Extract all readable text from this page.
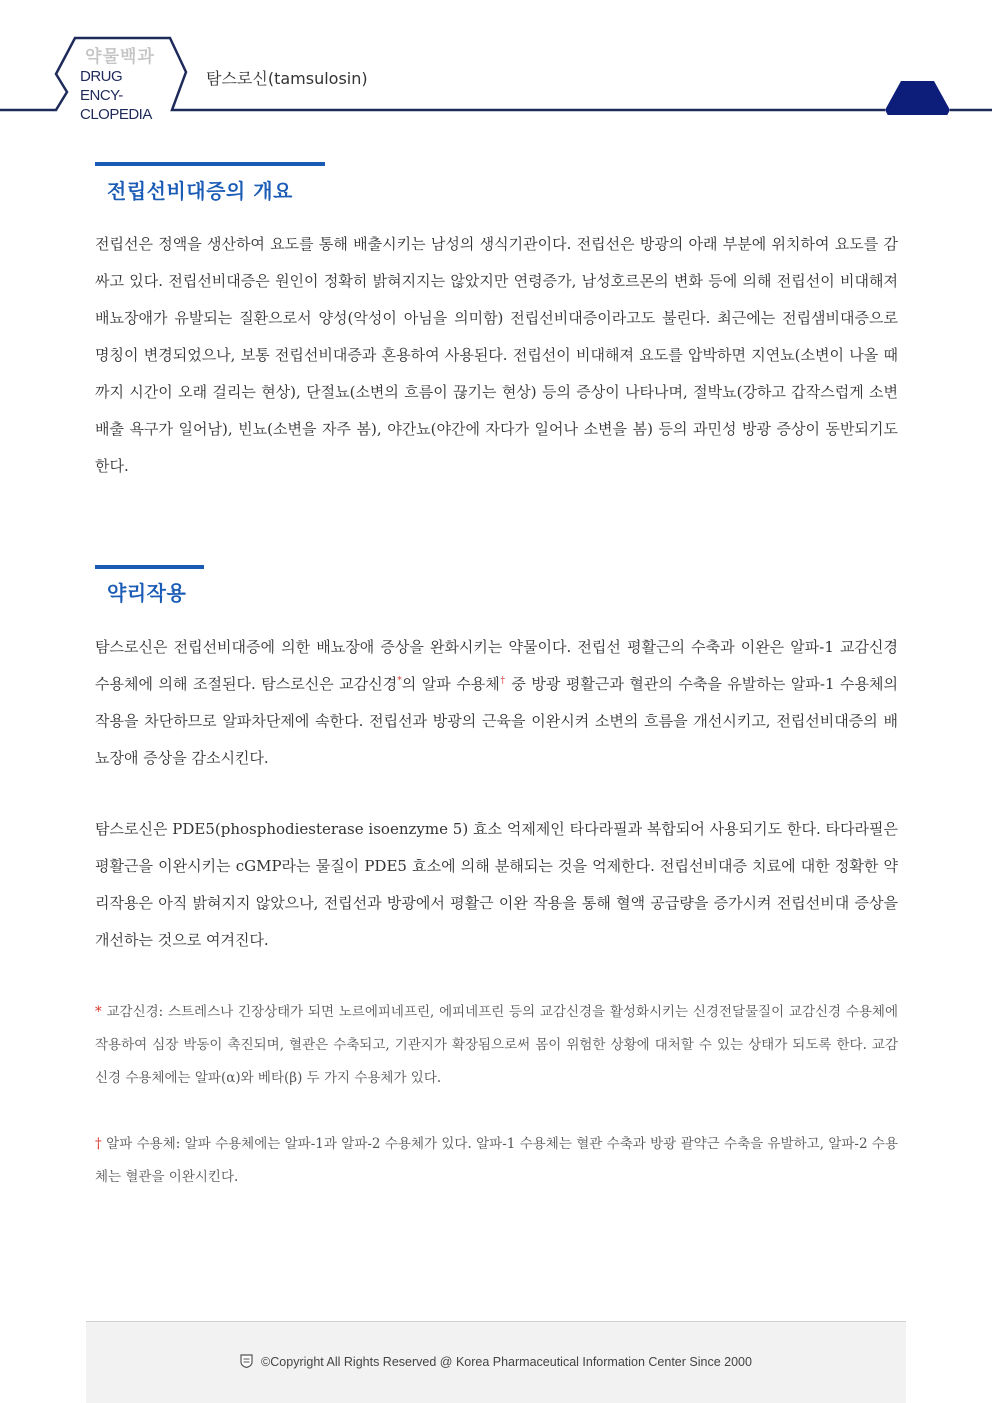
약물백과
DRUG ENCY-
CLOPEDIA
탐스로신(tamsulosin)
전립선비대증의 개요
전립선은 정액을 생산하여 요도를 통해 배출시키는 남성의 생식기관이다. 전립선은 방광의 아래 부분에 위치하여 요도를 감싸고 있다. 전립선비대증은 원인이 정확히 밝혀지지는 않았지만 연령증가, 남성호르몬의 변화 등에 의해 전립선이 비대해져 배뇨장애가 유발되는 질환으로서 양성(악성이 아님을 의미함) 전립선비대증이라고도 불린다. 최근에는 전립샘비대증으로 명칭이 변경되었으나, 보통 전립선비대증과 혼용하여 사용된다. 전립선이 비대해져 요도를 압박하면 지연뇨(소변이 나올 때까지 시간이 오래 걸리는 현상), 단절뇨(소변의 흐름이 끊기는 현상) 등의 증상이 나타나며, 절박뇨(강하고 갑작스럽게 소변 배출 욕구가 일어남), 빈뇨(소변을 자주 봄), 야간뇨(야간에 자다가 일어나 소변을 봄) 등의 과민성 방광 증상이 동반되기도 한다.
약리작용
탐스로신은 전립선비대증에 의한 배뇨장애 증상을 완화시키는 약물이다. 전립선 평활근의 수축과 이완은 알파-1 교감신경 수용체에 의해 조절된다. 탐스로신은 교감신경*의 알파 수용체† 중 방광 평활근과 혈관의 수축을 유발하는 알파-1 수용체의 작용을 차단하므로 알파차단제에 속한다. 전립선과 방광의 근육을 이완시켜 소변의 흐름을 개선시키고, 전립선비대증의 배뇨장애 증상을 감소시킨다.
탐스로신은 PDE5(phosphodiesterase isoenzyme 5) 효소 억제제인 타다라필과 복합되어 사용되기도 한다. 타다라필은 평활근을 이완시키는 cGMP라는 물질이 PDE5 효소에 의해 분해되는 것을 억제한다. 전립선비대증 치료에 대한 정확한 약리작용은 아직 밝혀지지 않았으나, 전립선과 방광에서 평활근 이완 작용을 통해 혈액 공급량을 증가시켜 전립선비대 증상을 개선하는 것으로 여겨진다.
* 교감신경: 스트레스나 긴장상태가 되면 노르에피네프린, 에피네프린 등의 교감신경을 활성화시키는 신경전달물질이 교감신경 수용체에 작용하여 심장 박동이 촉진되며, 혈관은 수축되고, 기관지가 확장됨으로써 몸이 위험한 상황에 대처할 수 있는 상태가 되도록 한다. 교감신경 수용체에는 알파(α)와 베타(β) 두 가지 수용체가 있다.
† 알파 수용체: 알파 수용체에는 알파-1과 알파-2 수용체가 있다. 알파-1 수용체는 혈관 수축과 방광 괄약근 수축을 유발하고, 알파-2 수용체는 혈관을 이완시킨다.
©Copyright All Rights Reserved @ Korea Pharmaceutical Information Center Since 2000
